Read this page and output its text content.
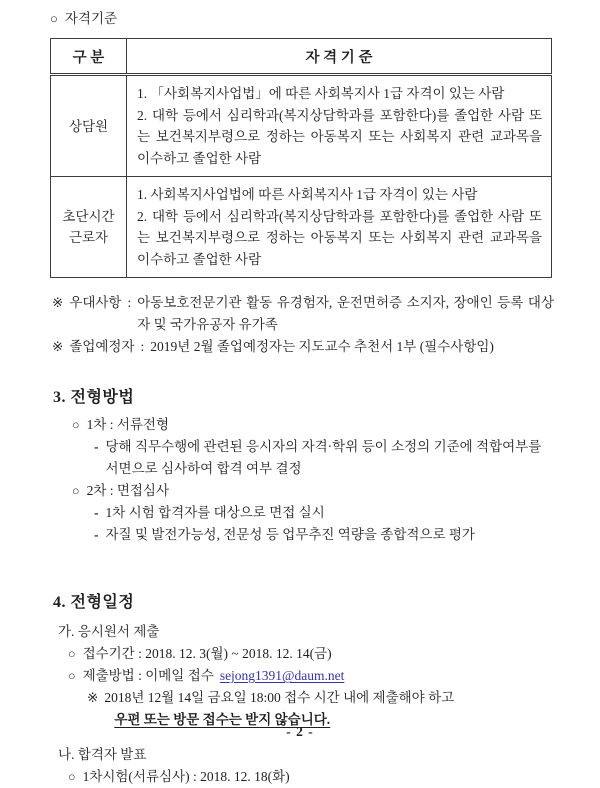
○ 자격기준
구 분	자 격 기 준
상담원	1. 「사회복지사업법」에 따른 사회복지사 1급 자격이 있는 사람
2. 대학 등에서 심리학과(복지상담학과를 포함한다)를 졸업한 사람 또는 보건복지부령으로 정하는 아동복지 또는 사회복지 관련 교과목을 이수하고 졸업한 사람

초단시간 근로자	1. 사회복지사업법에 따른 사회복지사 1급 자격이 있는 사람
2. 대학 등에서 심리학과(복지상담학과를 포함한다)를 졸업한 사람 또는 보건복지부령으로 정하는 아동복지 또는 사회복지 관련 교과목을 이수하고 졸업한 사람
※ 우대사항 : 아동보호전문기관 활동 유경험자, 운전면허증 소지자, 장애인 등록 대상자 및 국가유공자 유가족
※ 졸업예정자 : 2019년 2월 졸업예정자는 지도교수 추천서 1부 (필수사항임)
3. 전형방법
○ 1차 : 서류전형
- 당해 직무수행에 관련된 응시자의 자격·학위 등이 소정의 기준에 적합여부를 서면으로 심사하여 합격 여부 결정
○ 2차 : 면접심사
- 1차 시험 합격자를 대상으로 면접 실시
- 자질 및 발전가능성, 전문성 등 업무추진 역량을 종합적으로 평가
4. 전형일정
가. 응시원서 제출
○ 접수기간 : 2018. 12. 3(월) ~ 2018. 12. 14(금)
○ 제출방법 : 이메일 접수 sejong1391@daum.net
※ 2018년 12월 14일 금요일 18:00 접수 시간 내에 제출해야 하고
우편 또는 방문 접수는 받지 않습니다.
나. 합격자 발표
○ 1차시험(서류심사) : 2018. 12. 18(화)
- 2 -
